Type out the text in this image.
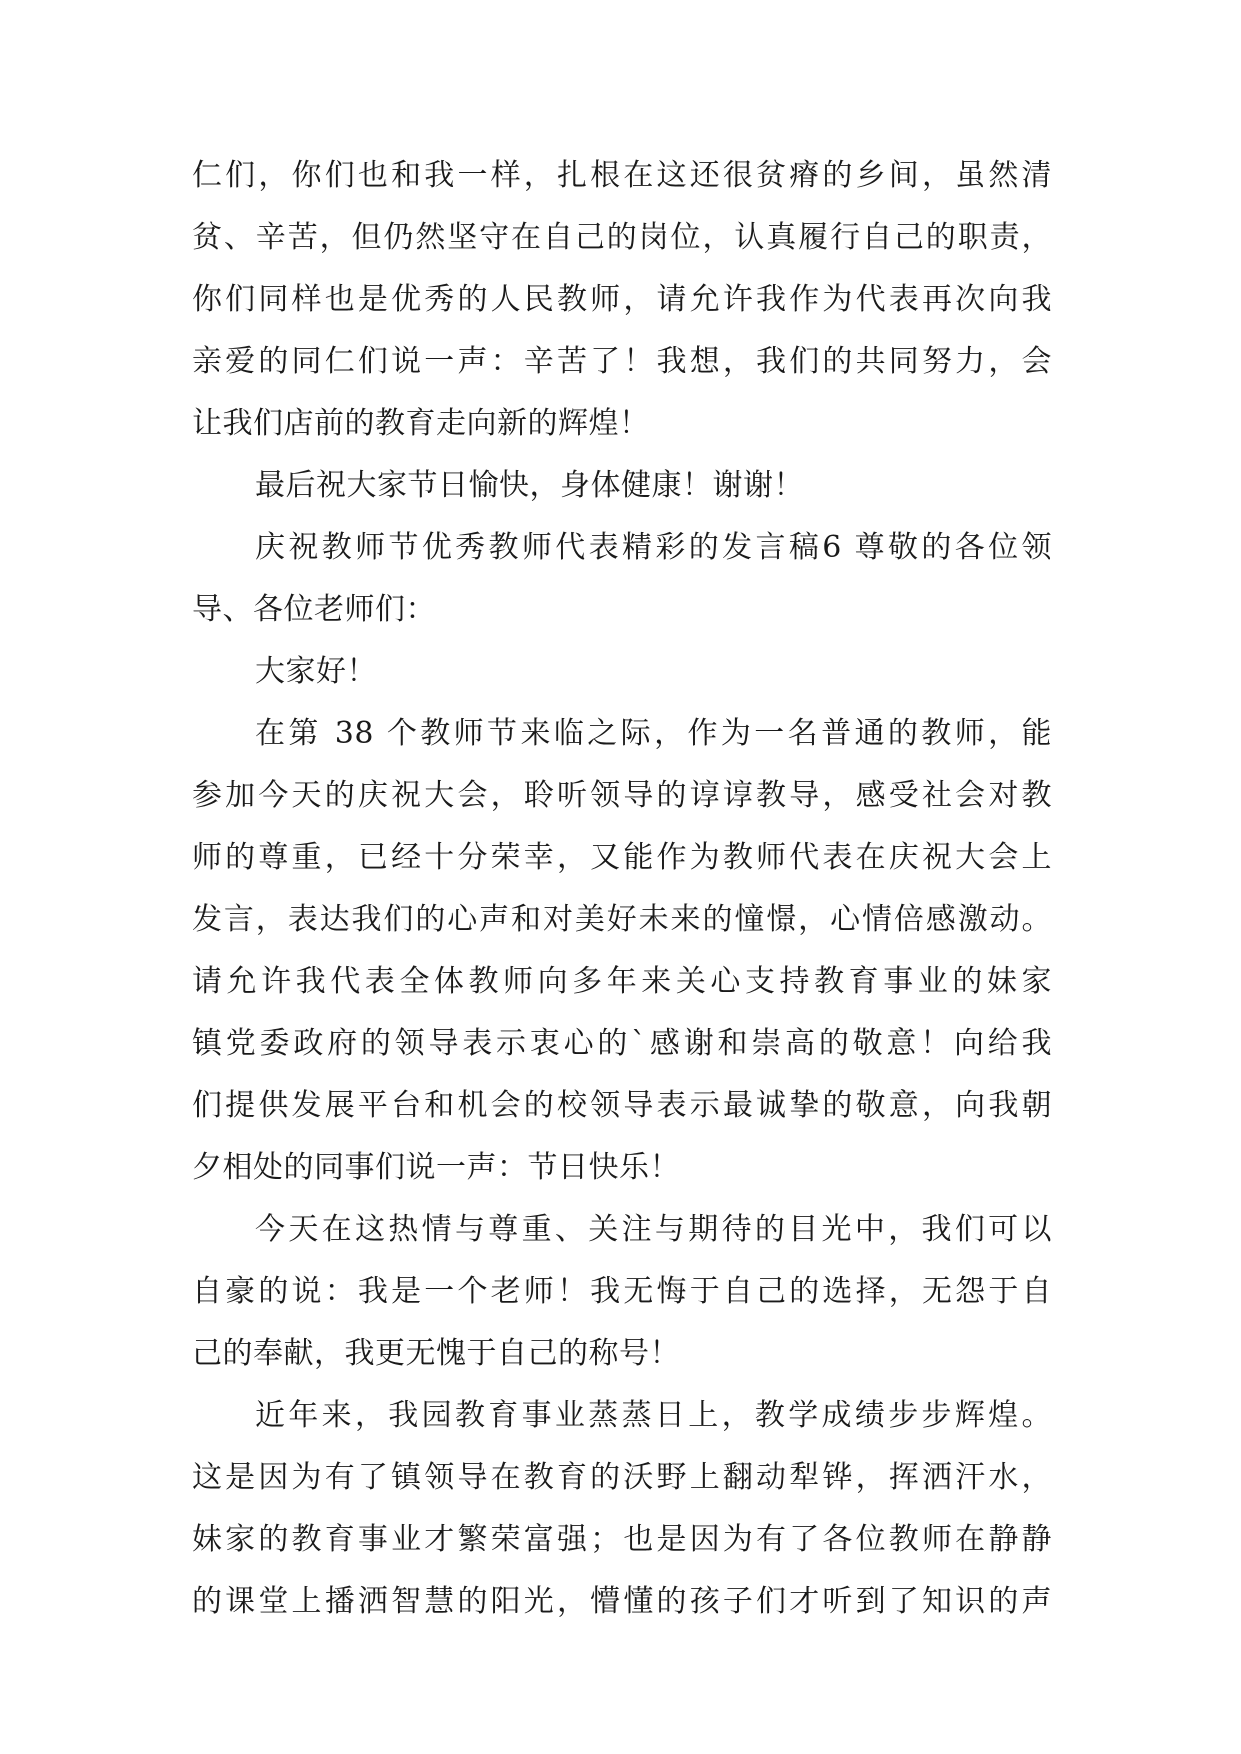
仁们，你们也和我一样，扎根在这还很贫瘠的乡间，虽然清
贫、辛苦，但仍然坚守在自己的岗位，认真履行自己的职责，
你们同样也是优秀的人民教师，请允许我作为代表再次向我
亲爱的同仁们说一声：辛苦了！我想，我们的共同努力，会
让我们店前的教育走向新的辉煌！
最后祝大家节日愉快，身体健康！谢谢！
庆祝教师节优秀教师代表精彩的发言稿6 尊敬的各位领
导、各位老师们：
大家好！
在第 38 个教师节来临之际，作为一名普通的教师，能
参加今天的庆祝大会，聆听领导的谆谆教导，感受社会对教
师的尊重，已经十分荣幸，又能作为教师代表在庆祝大会上
发言，表达我们的心声和对美好未来的憧憬，心情倍感激动。
请允许我代表全体教师向多年来关心支持教育事业的妹家
镇党委政府的领导表示衷心的`感谢和崇高的敬意！向给我
们提供发展平台和机会的校领导表示最诚挚的敬意，向我朝
夕相处的同事们说一声：节日快乐！
今天在这热情与尊重、关注与期待的目光中，我们可以
自豪的说：我是一个老师！我无悔于自己的选择，无怨于自
己的奉献，我更无愧于自己的称号！
近年来，我园教育事业蒸蒸日上，教学成绩步步辉煌。
这是因为有了镇领导在教育的沃野上翻动犁铧，挥洒汗水，
妹家的教育事业才繁荣富强；也是因为有了各位教师在静静
的课堂上播洒智慧的阳光，懵懂的孩子们才听到了知识的声
